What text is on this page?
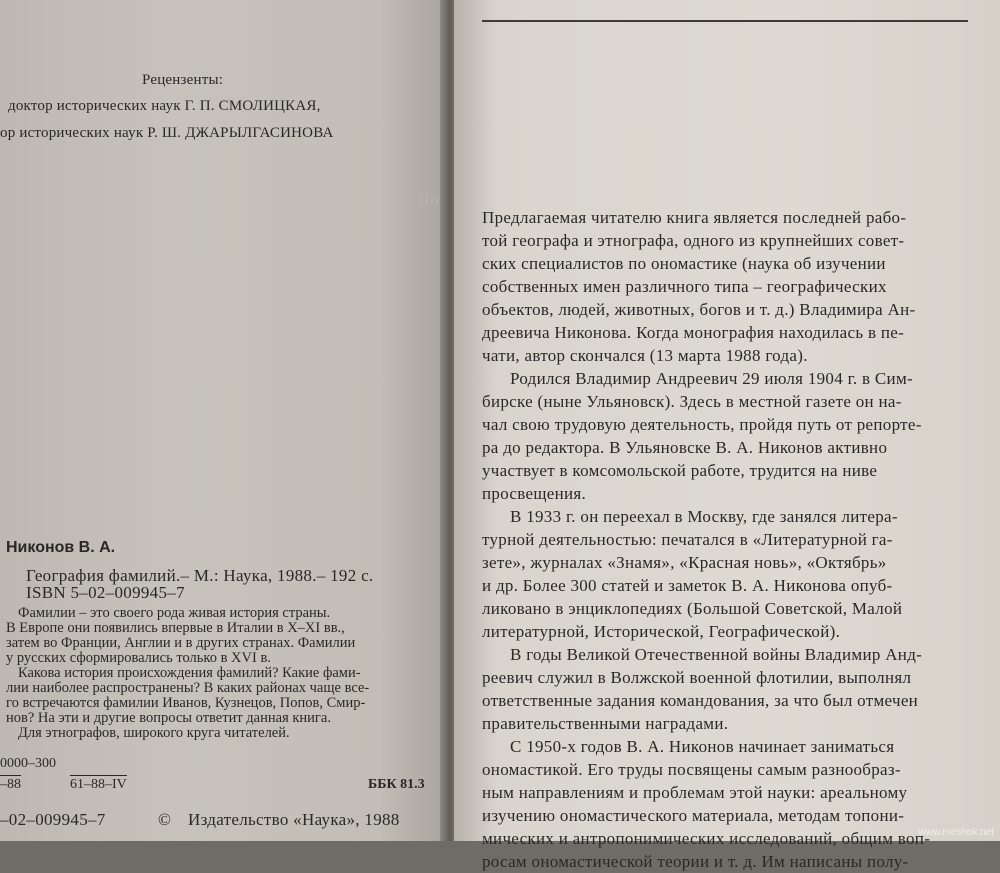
Рецензенты:
доктор исторических наук Г. П. СМОЛИЦКАЯ,
ор исторических наук Р. Ш. ДЖАРЫЛГАСИНОВА
По
Никонов В. А.
География фамилий.– М.: Наука, 1988.– 192 с.
ISBN 5–02–009945–7
Фамилии – это своего рода живая история страны.
В Европе они появились впервые в Италии в X–XI вв.,
затем во Франции, Англии и в других странах. Фамилии
у русских сформировались только в XVI в.
Какова история происхождения фамилий? Какие фами-
лии наиболее распространены? В каких районах чаще все-
го встречаются фамилии Иванов, Кузнецов, Попов, Смир-
нов? На эти и другие вопросы ответит данная книга.
Для этнографов, широкого круга читателей.
0000–300
–88	61–88–IV	ББК 81.3
–02–009945–7	© Издательство «Наука», 1988
Предлагаемая читателю книга является последней рабо-
той географа и этнографа, одного из крупнейших совет-
ских специалистов по ономастике (наука об изучении
собственных имен различного типа – географических
объектов, людей, животных, богов и т. д.) Владимира Ан-
дреевича Никонова. Когда монография находилась в пе-
чати, автор скончался (13 марта 1988 года).
Родился Владимир Андреевич 29 июля 1904 г. в Сим-
бирске (ныне Ульяновск). Здесь в местной газете он на-
чал свою трудовую деятельность, пройдя путь от репорте-
ра до редактора. В Ульяновске В. А. Никонов активно
участвует в комсомольской работе, трудится на ниве
просвещения.
В 1933 г. он переехал в Москву, где занялся литера-
турной деятельностью: печатался в «Литературной га-
зете», журналах «Знамя», «Красная новь», «Октябрь»
и др. Более 300 статей и заметок В. А. Никонова опуб-
ликовано в энциклопедиях (Большой Советской, Малой
литературной, Исторической, Географической).
В годы Великой Отечественной войны Владимир Анд-
реевич служил в Волжской военной флотилии, выполнял
ответственные задания командования, за что был отмечен
правительственными наградами.
С 1950-х годов В. А. Никонов начинает заниматься
ономастикой. Его труды посвящены самым разнообраз-
ным направлениям и проблемам этой науки: ареальному
изучению ономастического материала, методам топони-
мических и антропонимических исследований, общим воп-
росам ономастической теории и т. д. Им написаны полу-
www.meshok.net
